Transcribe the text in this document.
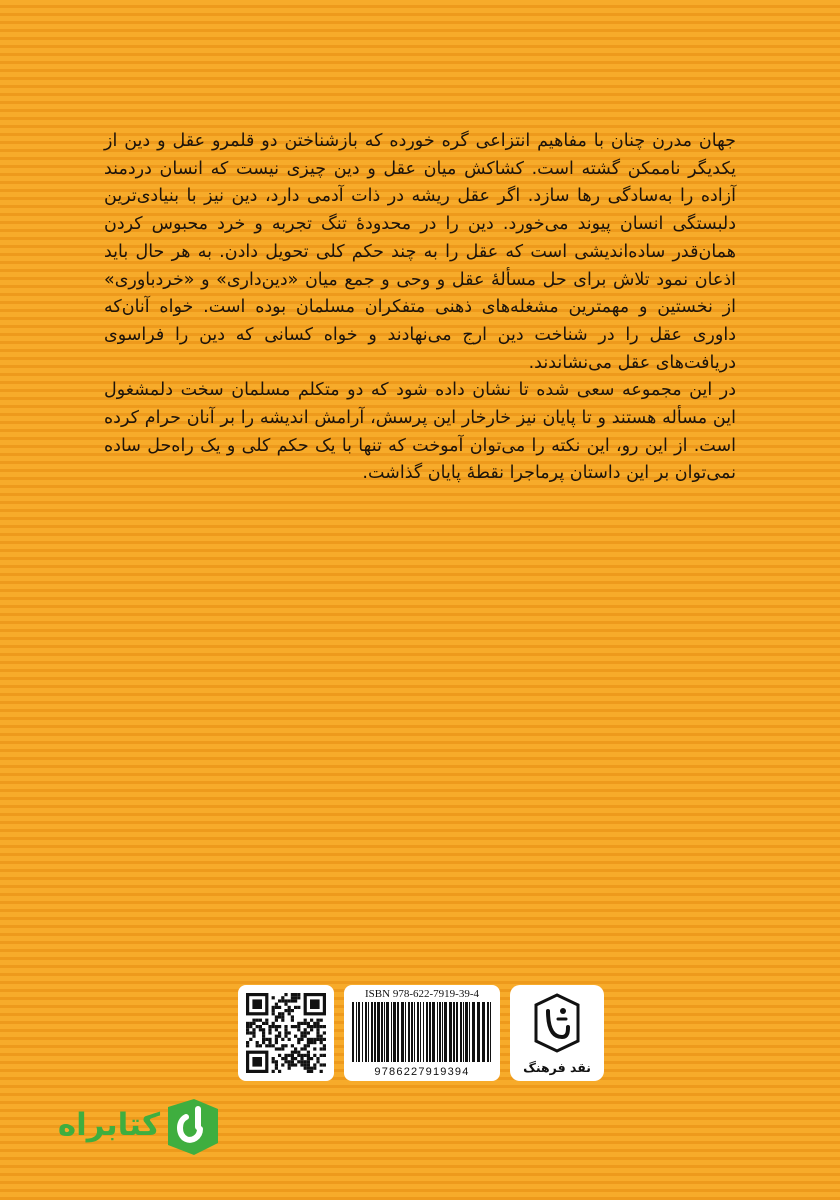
جهان مدرن چنان با مفاهیم انتزاعی گره خورده که بازشناختن دو قلمرو عقل و دین از یکدیگر ناممکن گشته است. کشاکش میان عقل و دین چیزی نیست که انسان دردمند آزاده را به‌سادگی رها سازد. اگر عقل ریشه در ذات آدمی دارد، دین نیز با بنیادی‌ترین دلبستگی انسان پیوند می‌خورد. دین را در محدودهٔ تنگ تجربه و خرد محبوس کردن همان‌قدر ساده‌اندیشی است که عقل را به چند حکم کلی تحویل دادن. به هر حال باید اذعان نمود تلاش برای حل مسألهٔ عقل و وحی و جمع میان «دین‌داری» و «خردباوری» از نخستین و مهمترین مشغله‌های ذهنی متفکران مسلمان بوده است. خواه آنان‌که داوری عقل را در شناخت دین ارج می‌نهادند و خواه کسانی که دین را فراسوی دریافت‌های عقل می‌نشاندند.

در این مجموعه سعی شده تا نشان داده شود که دو متکلم مسلمان سخت دلمشغول این مسأله هستند و تا پایان نیز خارخار این پرسش، آرامش اندیشه را بر آنان حرام کرده است. از این رو، این نکته را می‌توان آموخت که تنها با یک حکم کلی و یک راه‌حل ساده نمی‌توان بر این داستان پرماجرا نقطهٔ پایان گذاشت.

ISBN 978-622-7919-39-4
9786227919394	نقد فرهنگ
کتابراه
